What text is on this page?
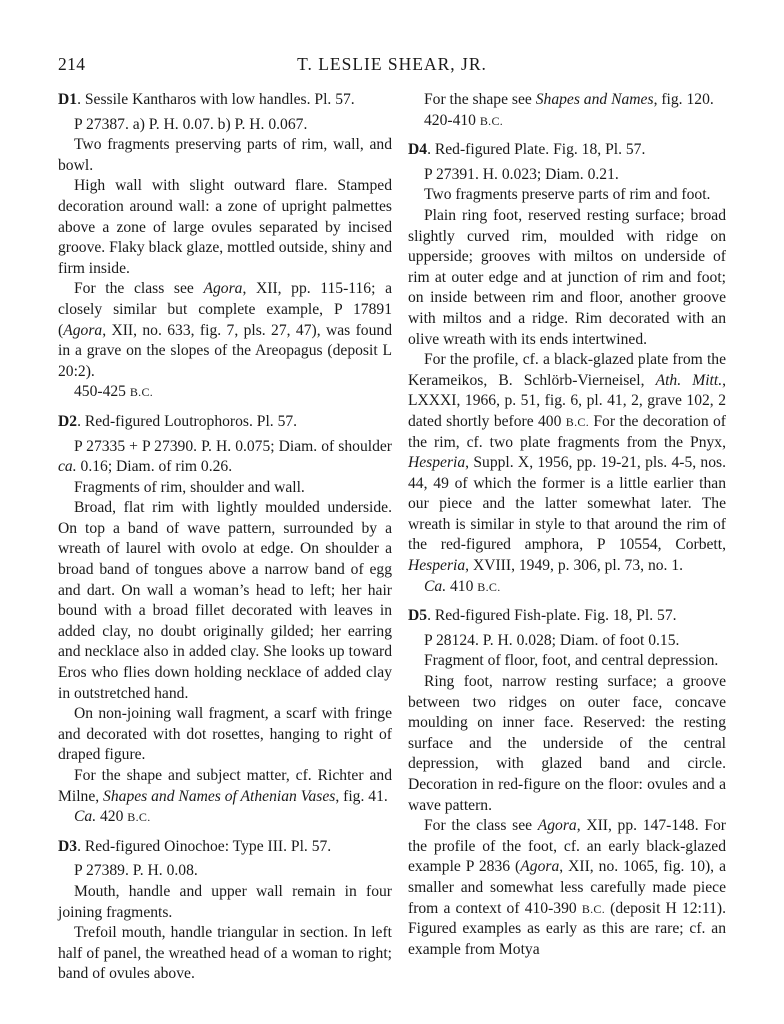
214	T. LESLIE SHEAR, JR.

D1. Sessile Kantharos with low handles. Pl. 57.

P 27387. a) P. H. 0.07. b) P. H. 0.067.

Two fragments preserving parts of rim, wall, and bowl.

High wall with slight outward flare. Stamped decoration around wall: a zone of upright palmettes above a zone of large ovules separated by incised groove. Flaky black glaze, mottled outside, shiny and firm inside.

For the class see Agora, XII, pp. 115-116; a closely similar but complete example, P 17891 (Agora, XII, no. 633, fig. 7, pls. 27, 47), was found in a grave on the slopes of the Areopagus (deposit L 20:2).

450-425 B.C.

D2. Red-figured Loutrophoros. Pl. 57.

P 27335 + P 27390. P. H. 0.075; Diam. of shoulder ca. 0.16; Diam. of rim 0.26.

Fragments of rim, shoulder and wall.

Broad, flat rim with lightly moulded underside. On top a band of wave pattern, surrounded by a wreath of laurel with ovolo at edge. On shoulder a broad band of tongues above a narrow band of egg and dart. On wall a woman’s head to left; her hair bound with a broad fillet decorated with leaves in added clay, no doubt originally gilded; her earring and necklace also in added clay. She looks up toward Eros who flies down holding necklace of added clay in outstretched hand.

On non-joining wall fragment, a scarf with fringe and decorated with dot rosettes, hanging to right of draped figure.

For the shape and subject matter, cf. Richter and Milne, Shapes and Names of Athenian Vases, fig. 41.

Ca. 420 B.C.

D3. Red-figured Oinochoe: Type III. Pl. 57.

P 27389. P. H. 0.08.

Mouth, handle and upper wall remain in four joining fragments.

Trefoil mouth, handle triangular in section. In left half of panel, the wreathed head of a woman to right; band of ovules above.

For the shape see Shapes and Names, fig. 120.

420-410 B.C.

D4. Red-figured Plate. Fig. 18, Pl. 57.

P 27391. H. 0.023; Diam. 0.21.

Two fragments preserve parts of rim and foot.

Plain ring foot, reserved resting surface; broad slightly curved rim, moulded with ridge on upperside; grooves with miltos on underside of rim at outer edge and at junction of rim and foot; on inside between rim and floor, another groove with miltos and a ridge. Rim decorated with an olive wreath with its ends intertwined.

For the profile, cf. a black-glazed plate from the Kerameikos, B. Schlörb-Vierneisel, Ath. Mitt., LXXXI, 1966, p. 51, fig. 6, pl. 41, 2, grave 102, 2 dated shortly before 400 B.C. For the decoration of the rim, cf. two plate fragments from the Pnyx, Hesperia, Suppl. X, 1956, pp. 19-21, pls. 4-5, nos. 44, 49 of which the former is a little earlier than our piece and the latter somewhat later. The wreath is similar in style to that around the rim of the red-figured amphora, P 10554, Corbett, Hesperia, XVIII, 1949, p. 306, pl. 73, no. 1.

Ca. 410 B.C.

D5. Red-figured Fish-plate. Fig. 18, Pl. 57.

P 28124. P. H. 0.028; Diam. of foot 0.15.

Fragment of floor, foot, and central depression.

Ring foot, narrow resting surface; a groove between two ridges on outer face, concave moulding on inner face. Reserved: the resting surface and the underside of the central depression, with glazed band and circle. Decoration in red-figure on the floor: ovules and a wave pattern.

For the class see Agora, XII, pp. 147-148. For the profile of the foot, cf. an early black-glazed example P 2836 (Agora, XII, no. 1065, fig. 10), a smaller and somewhat less carefully made piece from a context of 410-390 B.C. (deposit H 12:11). Figured examples as early as this are rare; cf. an example from Motya
